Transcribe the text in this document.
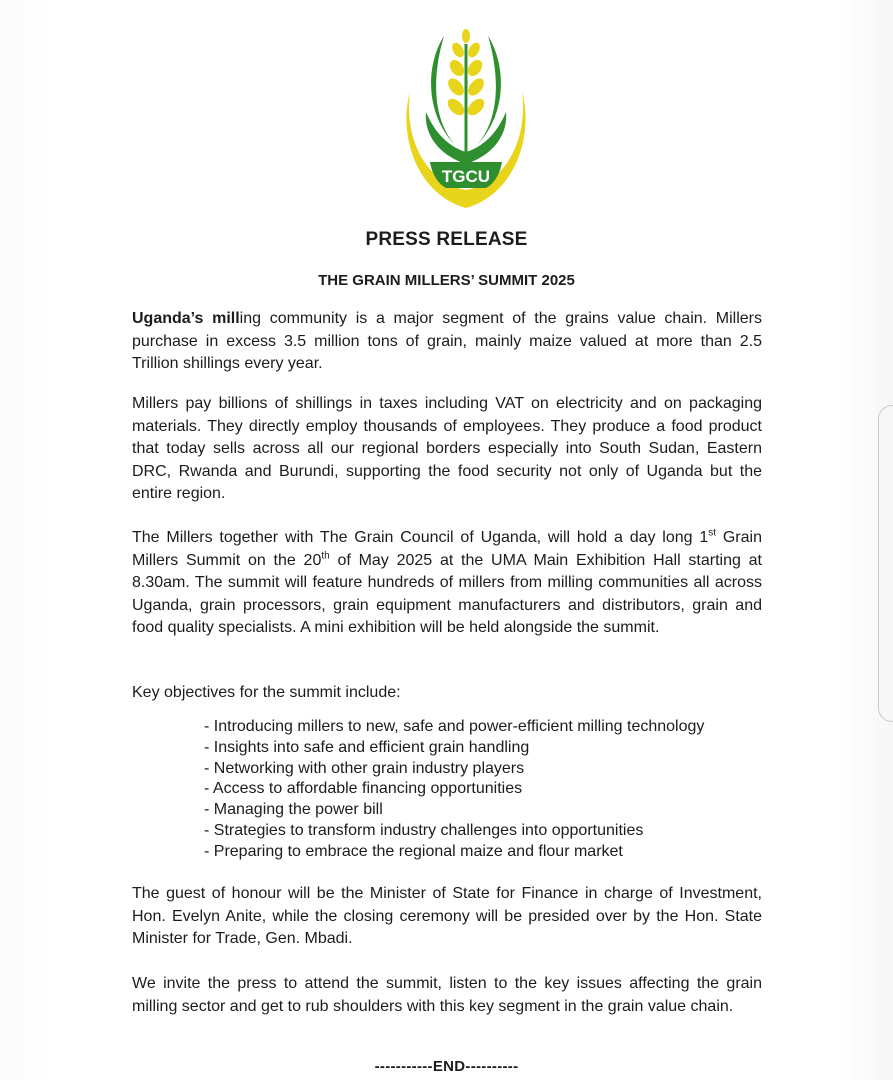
TGCU
PRESS RELEASE
THE GRAIN MILLERS’ SUMMIT 2025

Uganda’s milling community is a major segment of the grains value chain. Millers purchase in excess 3.5 million tons of grain, mainly maize valued at more than 2.5 Trillion shillings every year.

Millers pay billions of shillings in taxes including VAT on electricity and on packaging materials. They directly employ thousands of employees. They produce a food product that today sells across all our regional borders especially into South Sudan, Eastern DRC, Rwanda and Burundi, supporting the food security not only of Uganda but the entire region.

The Millers together with The Grain Council of Uganda, will hold a day long 1st Grain Millers Summit on the 20th of May 2025 at the UMA Main Exhibition Hall starting at 8.30am. The summit will feature hundreds of millers from milling communities all across Uganda, grain processors, grain equipment manufacturers and distributors, grain and food quality specialists. A mini exhibition will be held alongside the summit.

Key objectives for the summit include:

- Introducing millers to new, safe and power-efficient milling technology
- Insights into safe and efficient grain handling
- Networking with other grain industry players
- Access to affordable financing opportunities
- Managing the power bill
- Strategies to transform industry challenges into opportunities
- Preparing to embrace the regional maize and flour market

The guest of honour will be the Minister of State for Finance in charge of Investment, Hon. Evelyn Anite, while the closing ceremony will be presided over by the Hon. State Minister for Trade, Gen. Mbadi.

We invite the press to attend the summit, listen to the key issues affecting the grain milling sector and get to rub shoulders with this key segment in the grain value chain.

-----------END----------
